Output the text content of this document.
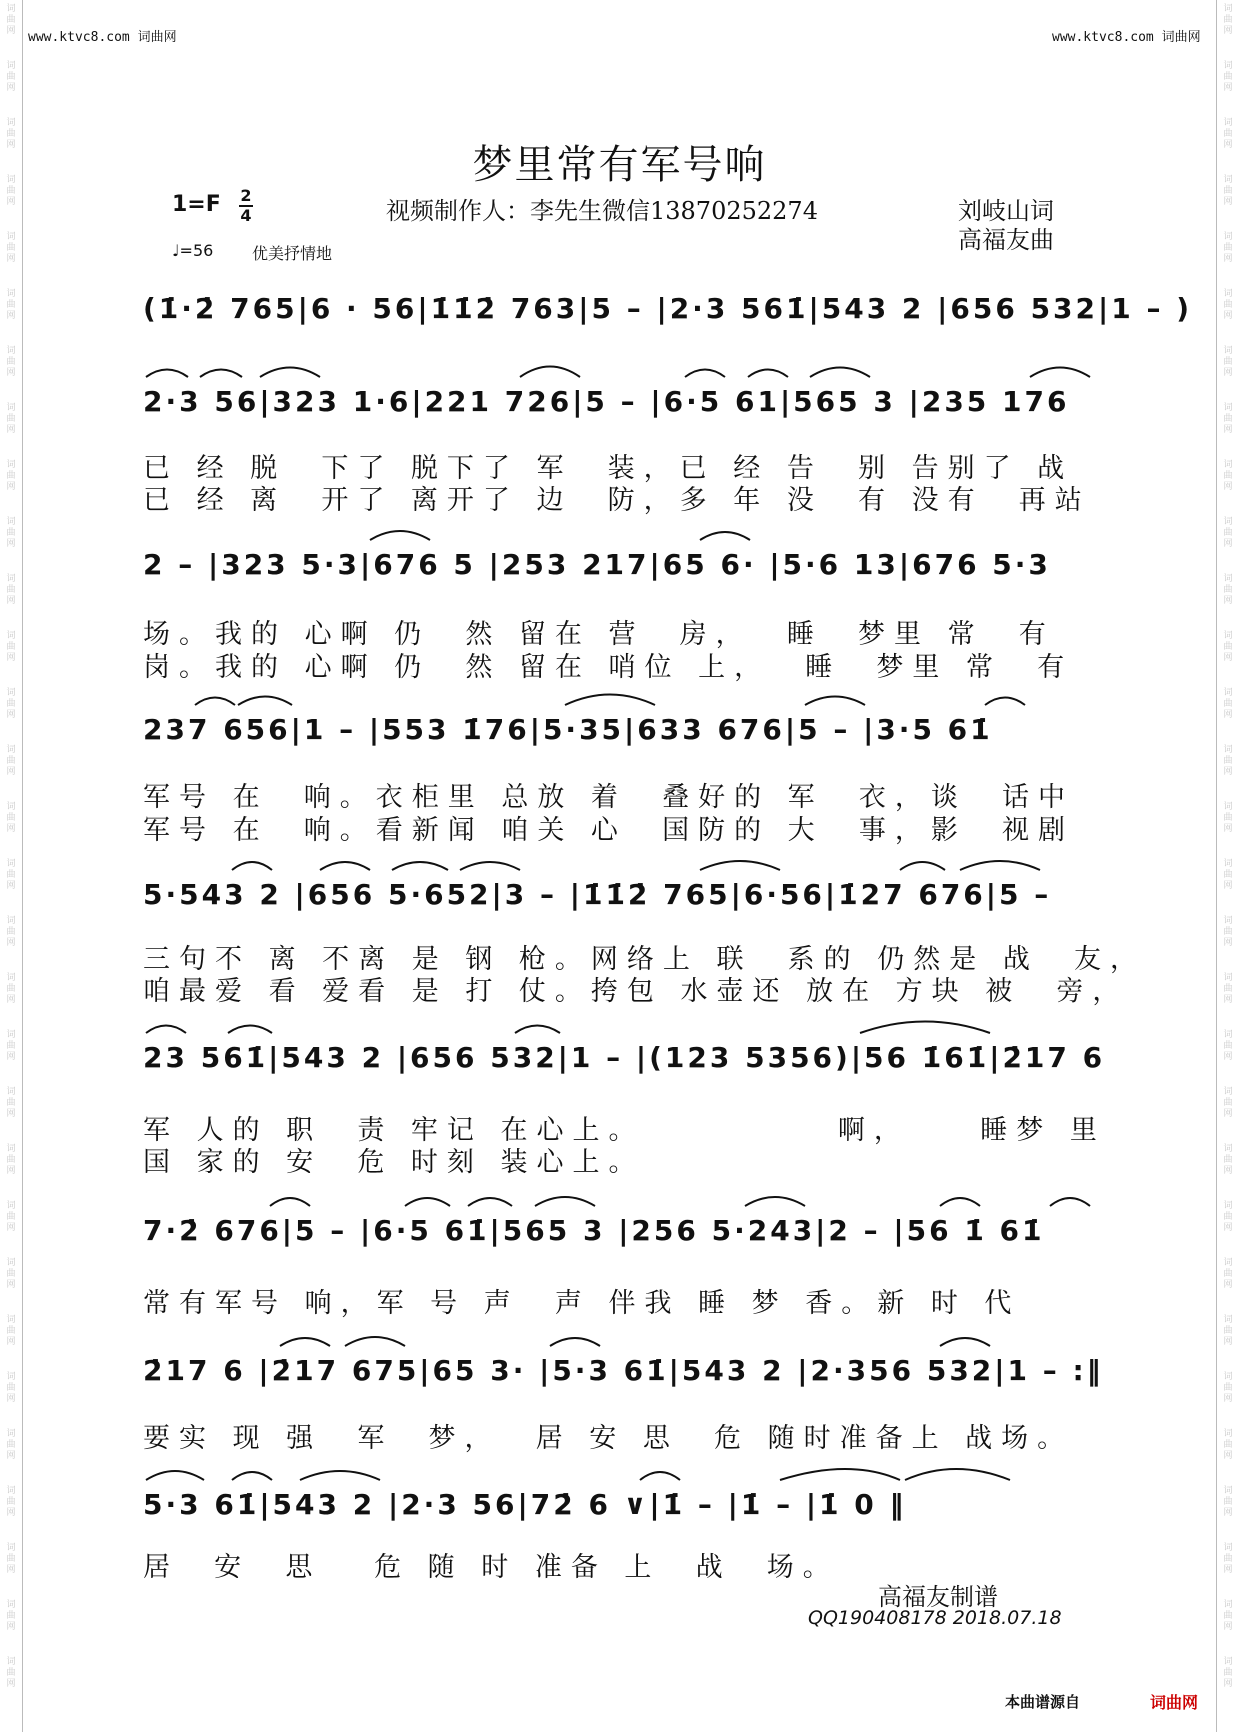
词
曲
网
词
曲
网
词
曲
网
词
曲
网
词
曲
网
词
曲
网
词
曲
网
词
曲
网
词
曲
网
词
曲
网
词
曲
网
词
曲
网
词
曲
网
词
曲
网
词
曲
网
词
曲
网
词
曲
网
词
曲
网
词
曲
网
词
曲
网
词
曲
网
词
曲
网
词
曲
网
词
曲
网
词
曲
网
词
曲
网
词
曲
网
词
曲
网
词
曲
网
词
曲
网
词
曲
网
词
曲
网
词
曲
网
词
曲
网
词
曲
网
词
曲
网
词
曲
网
词
曲
网
词
曲
网
词
曲
网
词
曲
网
词
曲
网
词
曲
网
词
曲
网
词
曲
网
词
曲
网
词
曲
网
词
曲
网
词
曲
网
词
曲
网
词
曲
网
词
曲
网
词
曲
网
词
曲
网
词
曲
网
词
曲
网
词
曲
网
词
曲
网
词
曲
网
词
曲
网
www.ktvc8.com 词曲网	www.ktvc8.com 词曲网
梦里常有军号响
1=F 2
4	视频制作人：李先生微信13870252274	刘岐山词
高福友曲
♩=56 优美抒情地
(1̇·2̇ 765|6 · 56|1̇1̇2̇ 763|5 – |2·3 561̇|543 2 |656 532|1 – )
2·3 56|323 1·6|221 726|5 – |6·5 61|565 3 |235 176
已 经 脱  下了 脱下了 军  装，已 经 告  别 告别了 战
已 经 离  开了 离开了 边  防，多 年 没  有 没有  再站
2 – |323 5·3|676 5 |253 217|65 6· |5·6 13|676 5·3
场。我的 心啊 仍  然 留在 营  房，  睡  梦里 常  有
岗。我的 心啊 仍  然 留在 哨位 上，  睡  梦里 常  有
237 656|1 – |553 1̇76|5·35|633 676|5 – |3·5 61̇
军号 在  响。衣柜里 总放 着  叠好的 军  衣，谈  话中
军号 在  响。看新闻 咱关 心  国防的 大  事，影  视剧
5·543 2 |656 5·652|3 – |1̇1̇2̇ 765|6·56|1̇27 676|5 –
三句不 离 不离 是 钢 枪。网络上 联  系的 仍然是 战  友，
咱最爱 看 爱看 是 打 仗。挎包 水壶还 放在 方块 被  旁，
23 561̇|543 2 |656 532|1 – |(123 5356)|56 1̇61̇|2̇17 6
军 人的 职  责 牢记 在心上。           啊，    睡梦 里
国 家的 安  危 时刻 装心上。
7·2̇ 676|5 – |6·5 61̇|565 3 |256 5·243|2 – |56 1̇ 61̇
常有军号 响，军 号 声  声 伴我 睡 梦 香。新 时 代
2̇17 6 |2̇17 675|65 3· |5·3 61̇|543 2 |2·356 532|1 – :‖
要实 现 强  军  梦，  居 安 思  危 随时准备上 战场。
5·3 61̇|543 2 |2·3 56|72̇ 6 ∨|1̇ – |1̇ – |1̇ 0 ‖
居  安  思   危 随 时 准备 上  战  场。
高福友制谱
QQ190408178 2018.07.18
本曲谱源自	词曲网
